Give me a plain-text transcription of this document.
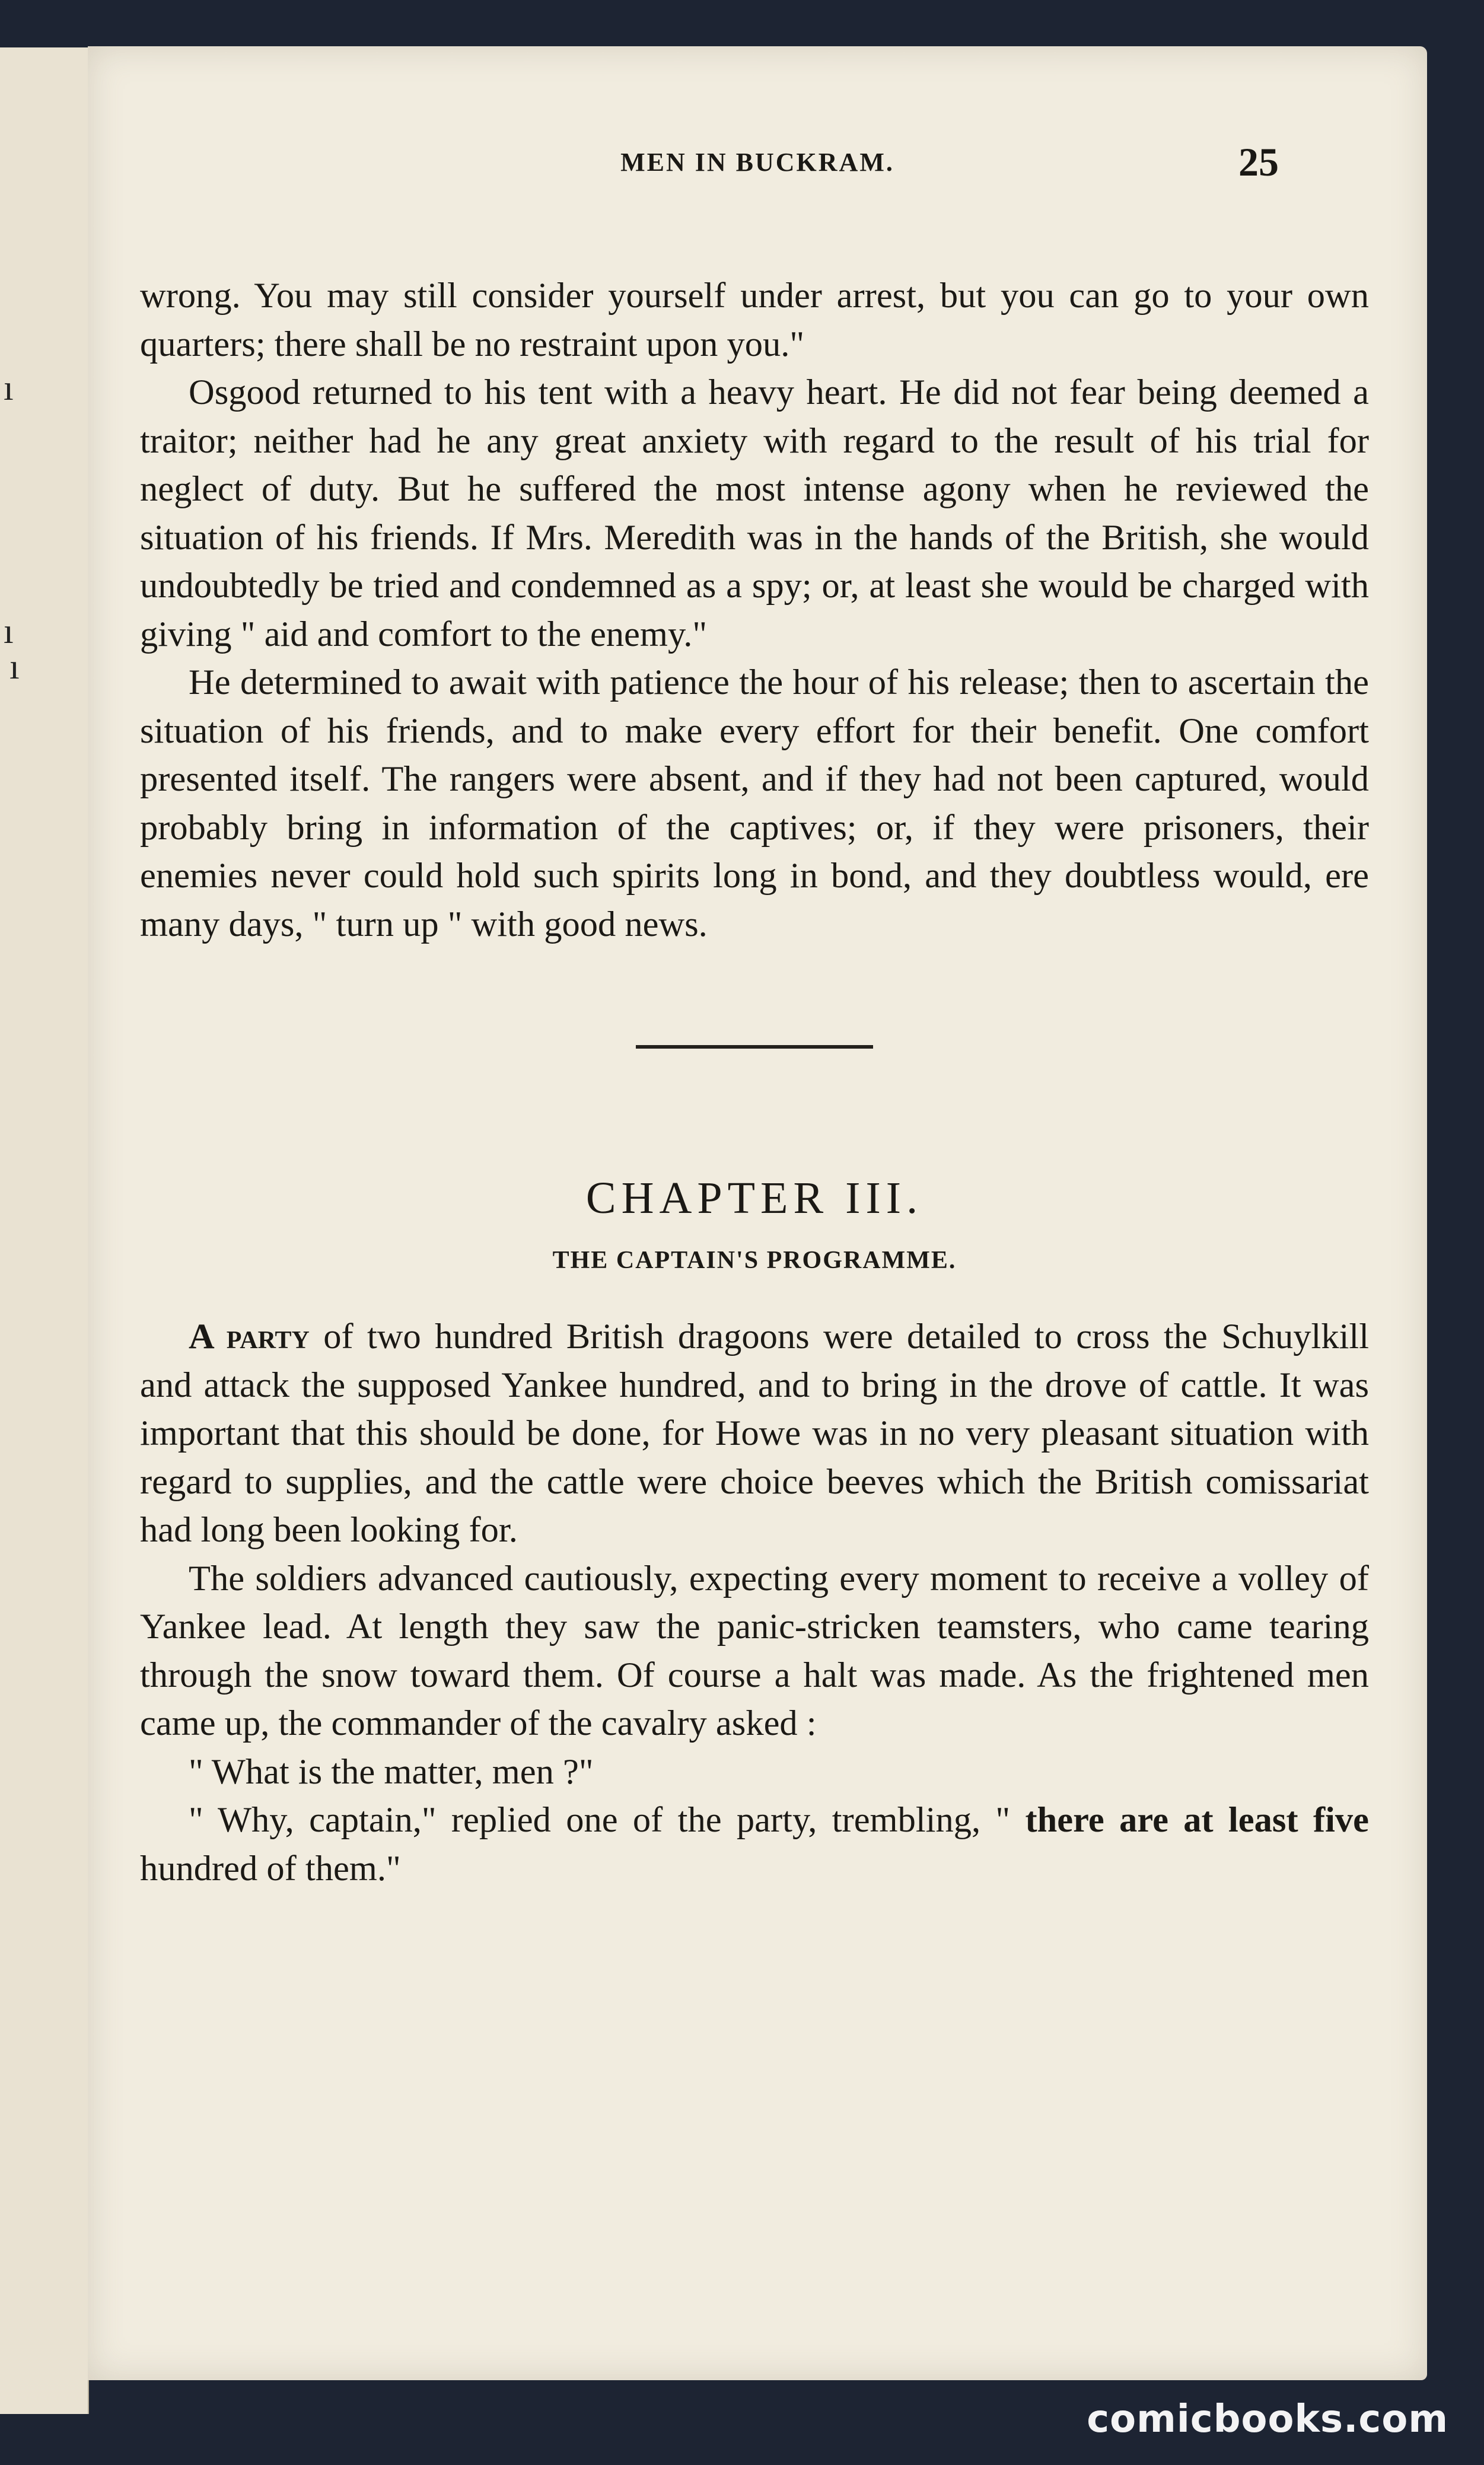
ı
ı
ı
MEN IN BUCKRAM.	25

wrong. You may still consider yourself under arrest, but you can go to your own quarters; there shall be no restraint upon you."

Osgood returned to his tent with a heavy heart. He did not fear being deemed a traitor; neither had he any great anxiety with regard to the result of his trial for neglect of duty. But he suffered the most intense agony when he reviewed the situation of his friends. If Mrs. Meredith was in the hands of the British, she would undoubtedly be tried and condemned as a spy; or, at least she would be charged with giving " aid and comfort to the enemy."

He determined to await with patience the hour of his release; then to ascertain the situation of his friends, and to make every effort for their benefit. One comfort presented itself. The rangers were absent, and if they had not been captured, would probably bring in information of the captives; or, if they were prisoners, their enemies never could hold such spirits long in bond, and they doubtless would, ere many days, " turn up " with good news.

CHAPTER III.
THE CAPTAIN'S PROGRAMME.

A party of two hundred British dragoons were detailed to cross the Schuylkill and attack the supposed Yankee hundred, and to bring in the drove of cattle. It was important that this should be done, for Howe was in no very pleasant situation with regard to supplies, and the cattle were choice beeves which the British comissariat had long been looking for.

The soldiers advanced cautiously, expecting every moment to receive a volley of Yankee lead. At length they saw the panic-stricken teamsters, who came tearing through the snow toward them. Of course a halt was made. As the frightened men came up, the commander of the cavalry asked :

" What is the matter, men ?"

" Why, captain," replied one of the party, trembling, " there are at least five hundred of them."

comicbooks.com
